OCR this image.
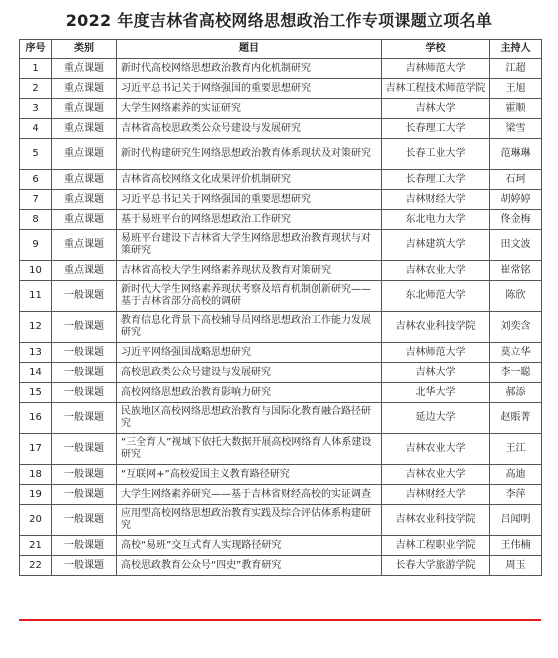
2022 年度吉林省高校网络思想政治工作专项课题立项名单
序号	类别	题目	学校	主持人
1	重点课题	新时代高校网络思想政治教育内化机制研究	吉林师范大学	江超
2	重点课题	习近平总书记关于网络强国的重要思想研究	吉林工程技术师范学院	王旭
3	重点课题	大学生网络素养的实证研究	吉林大学	霍顺
4	重点课题	吉林省高校思政类公众号建设与发展研究	长春理工大学	梁雪
5	重点课题	新时代构建研究生网络思想政治教育体系现状及对策研究	长春工业大学	范琳琳
6	重点课题	吉林省高校网络文化成果评价机制研究	长春理工大学	石珂
7	重点课题	习近平总书记关于网络强国的重要思想研究	吉林财经大学	胡婷婷
8	重点课题	基于易班平台的网络思想政治工作研究	东北电力大学	佟金梅
9	重点课题	易班平台建设下吉林省大学生网络思想政治教育现状与对策研究	吉林建筑大学	田文波
10	重点课题	吉林省高校大学生网络素养现状及教育对策研究	吉林农业大学	崔常铭
11	一般课题	新时代大学生网络素养现状考察及培育机制创新研究——基于吉林省部分高校的调研	东北师范大学	陈欣
12	一般课题	教育信息化背景下高校辅导员网络思想政治工作能力发展研究	吉林农业科技学院	刘奕含
13	一般课题	习近平网络强国战略思想研究	吉林师范大学	莫立华
14	一般课题	高校思政类公众号建设与发展研究	吉林大学	李一聪
15	一般课题	高校网络思想政治教育影响力研究	北华大学	郝添
16	一般课题	民族地区高校网络思想政治教育与国际化教育融合路径研究	延边大学	赵賬菁
17	一般课题	“三全育人”视域下依托大数据开展高校网络育人体系建设研究	吉林农业大学	王江
18	一般课题	“互联网+”高校爱国主义教育路径研究	吉林农业大学	高迪
19	一般课题	大学生网络素养研究——基于吉林省财经高校的实证调查	吉林财经大学	李萍
20	一般课题	应用型高校网络思想政治教育实践及综合评估体系构建研究	吉林农业科技学院	吕闻明
21	一般课题	高校“易班”交互式育人实现路径研究	吉林工程职业学院	王伟楠
22	一般课题	高校思政教育公众号“四史”教育研究	长春大学旅游学院	周玉
